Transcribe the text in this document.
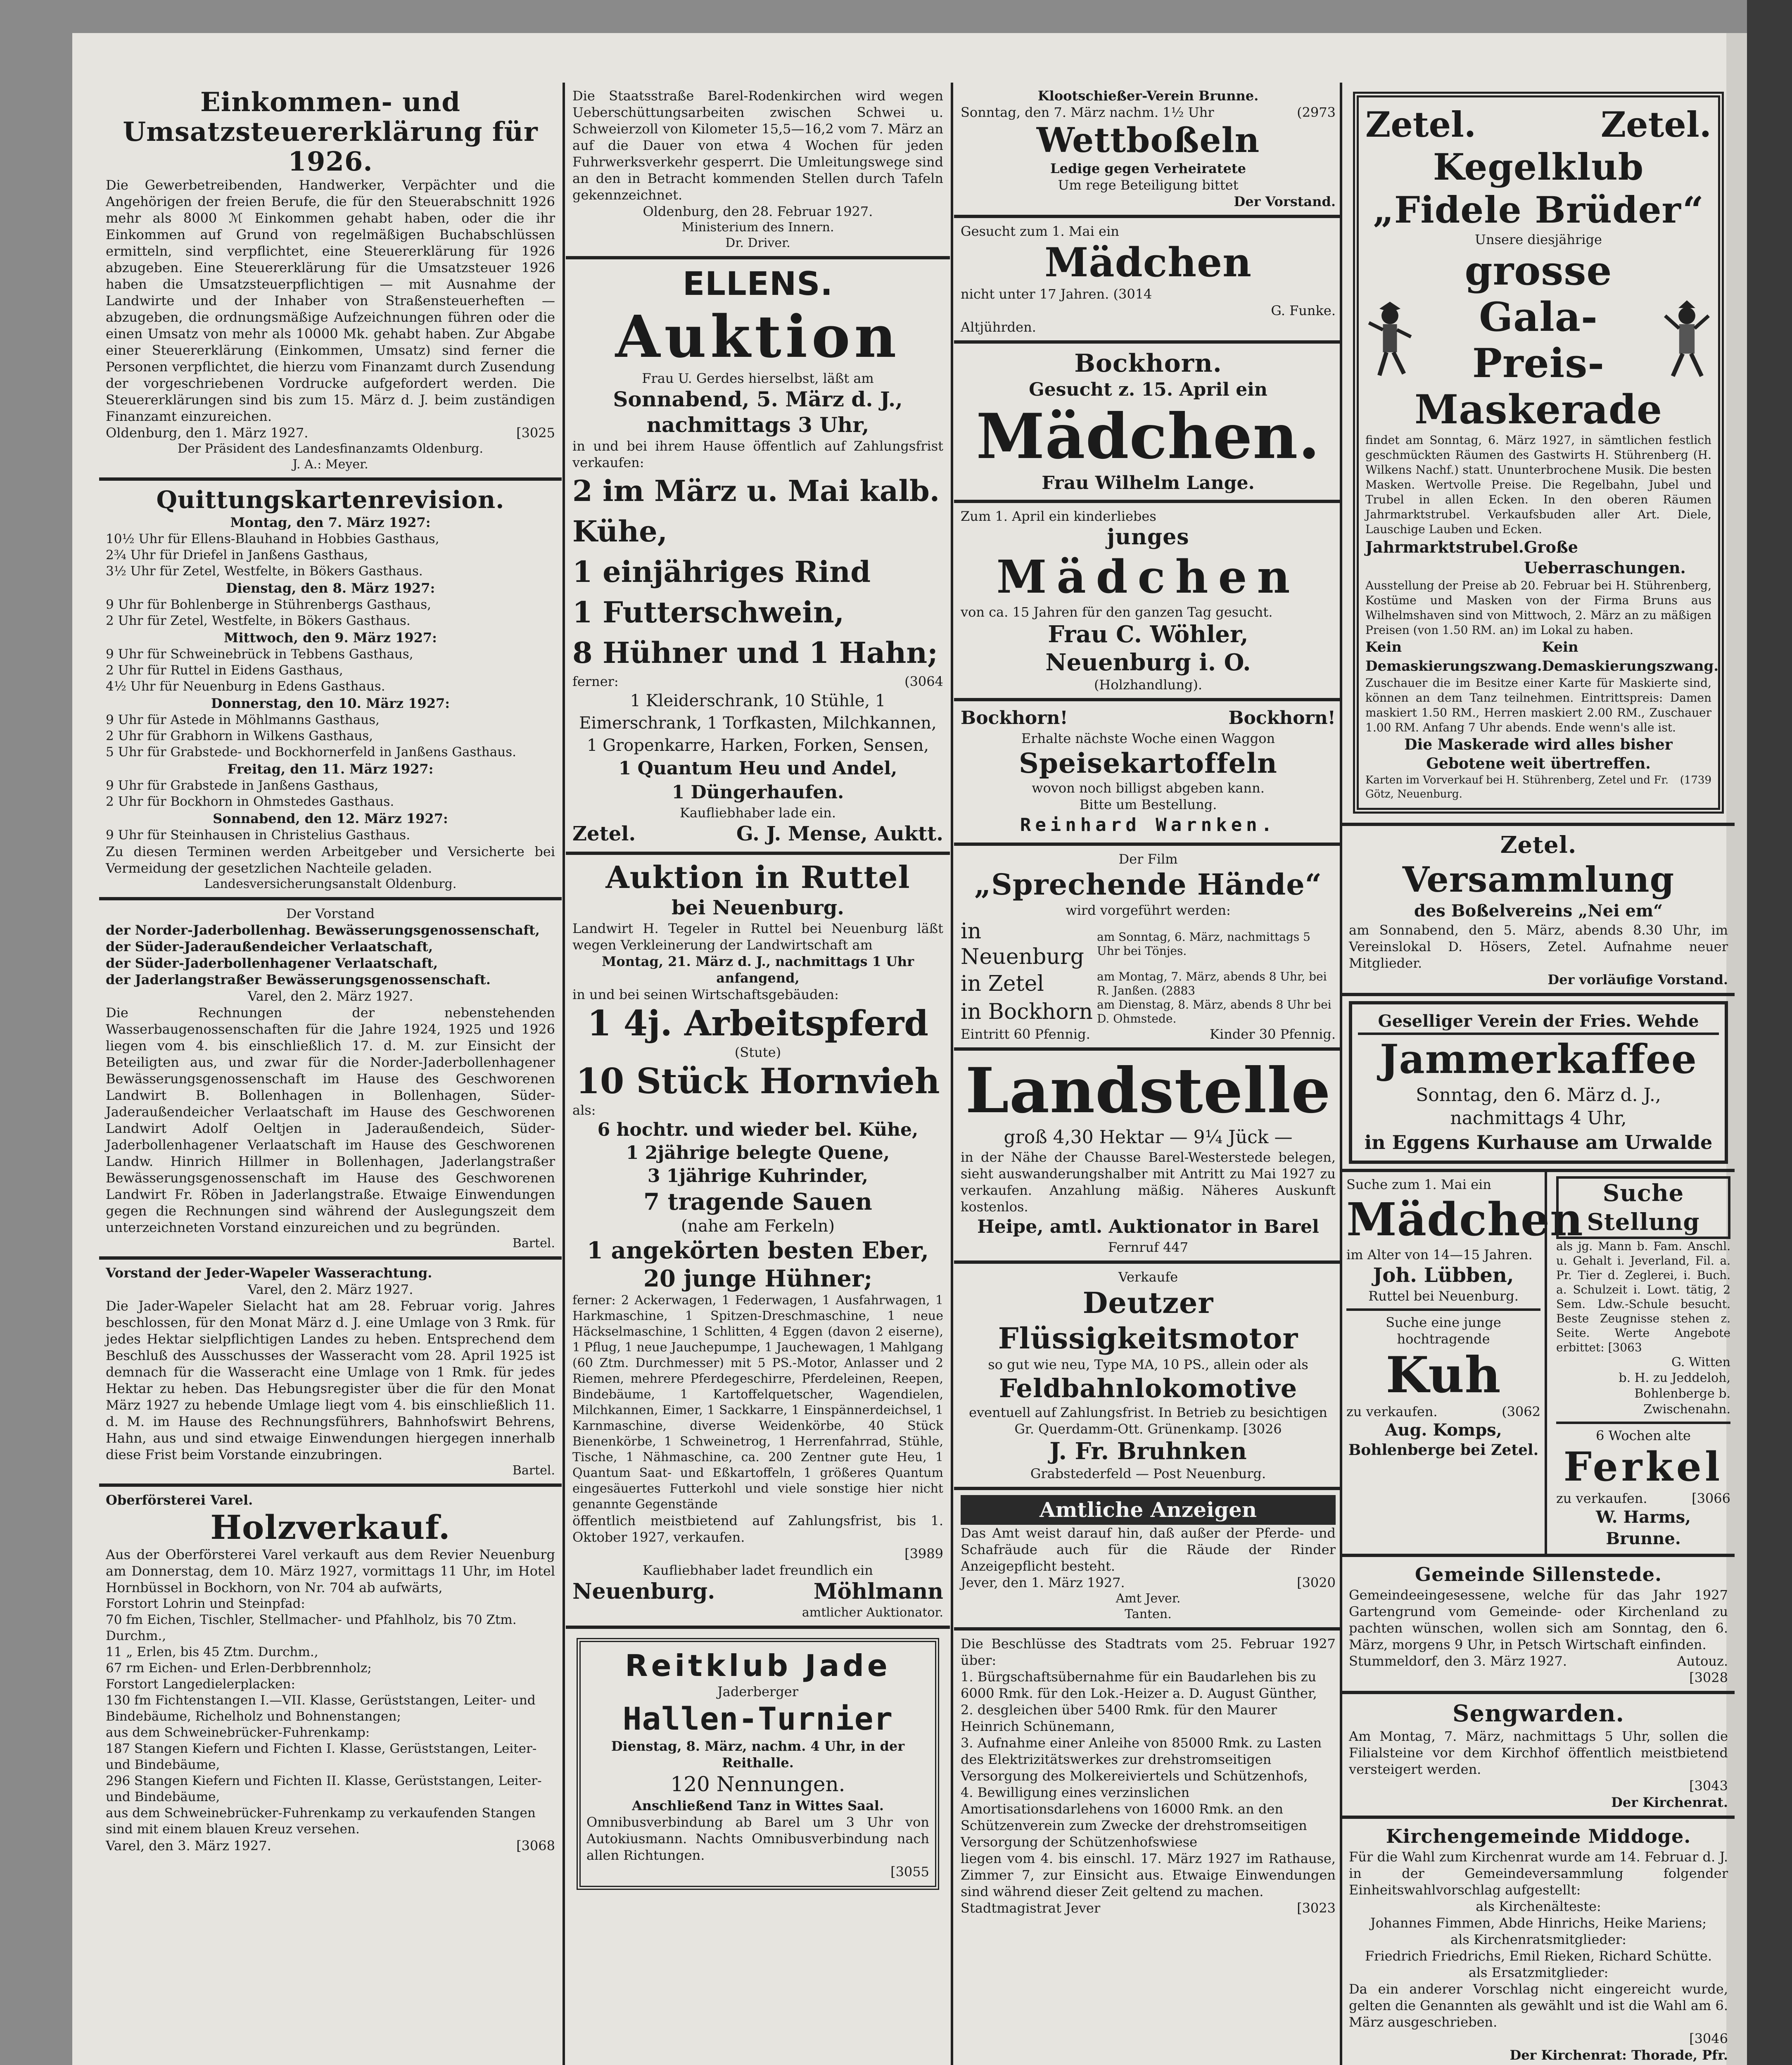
Einkommen- und Umsatzsteuererklärung für 1926.
Die Gewerbetreibenden, Handwerker, Verpächter und die Angehörigen der freien Berufe, die für den Steuerabschnitt 1926 mehr als 8000 ℳ Einkommen gehabt haben, oder die ihr Einkommen auf Grund von regelmäßigen Buchabschlüssen ermitteln, sind verpflichtet, eine Steuererklärung für 1926 abzugeben. Eine Steuererklärung für die Umsatzsteuer 1926 haben die Umsatzsteuerpflichtigen — mit Ausnahme der Landwirte und der Inhaber von Straßensteuerheften — abzugeben, die ordnungsmäßige Aufzeichnungen führen oder die einen Umsatz von mehr als 10000 Mk. gehabt haben. Zur Abgabe einer Steuererklärung (Einkommen, Umsatz) sind ferner die Personen verpflichtet, die hierzu vom Finanzamt durch Zusendung der vorgeschriebenen Vordrucke aufgefordert werden. Die Steuererklärungen sind bis zum 15. März d. J. beim zuständigen Finanzamt einzureichen.
Oldenburg, den 1. März 1927.	[3025
Der Präsident des Landesfinanzamts Oldenburg.
J. A.: Meyer.
Quittungskartenrevision.
Montag, den 7. März 1927:
10½ Uhr für Ellens-Blauhand in Hobbies Gasthaus,
2¾ Uhr für Driefel in Janßens Gasthaus,
3½ Uhr für Zetel, Westfelte, in Bökers Gasthaus.
Dienstag, den 8. März 1927:
9 Uhr für Bohlenberge in Stührenbergs Gasthaus,
2 Uhr für Zetel, Westfelte, in Bökers Gasthaus.
Mittwoch, den 9. März 1927:
9 Uhr für Schweinebrück in Tebbens Gasthaus,
2 Uhr für Ruttel in Eidens Gasthaus,
4½ Uhr für Neuenburg in Edens Gasthaus.
Donnerstag, den 10. März 1927:
9 Uhr für Astede in Möhlmanns Gasthaus,
2 Uhr für Grabhorn in Wilkens Gasthaus,
5 Uhr für Grabstede- und Bockhornerfeld in Janßens Gasthaus.
Freitag, den 11. März 1927:
9 Uhr für Grabstede in Janßens Gasthaus,
2 Uhr für Bockhorn in Ohmstedes Gasthaus.
Sonnabend, den 12. März 1927:
9 Uhr für Steinhausen in Christelius Gasthaus.
Zu diesen Terminen werden Arbeitgeber und Versicherte bei Vermeidung der gesetzlichen Nachteile geladen.
Landesversicherungsanstalt Oldenburg.
Der Vorstand
der Norder-Jaderbollenhag. Bewässerungsgenossenschaft,
der Süder-Jaderaußendeicher Verlaatschaft,
der Süder-Jaderbollenhagener Verlaatschaft,
der Jaderlangstraßer Bewässerungsgenossenschaft.
Varel, den 2. März 1927.
Die Rechnungen der nebenstehenden Wasserbaugenossenschaften für die Jahre 1924, 1925 und 1926 liegen vom 4. bis einschließlich 17. d. M. zur Einsicht der Beteiligten aus, und zwar für die Norder-Jaderbollenhagener Bewässerungsgenossenschaft im Hause des Geschworenen Landwirt B. Bollenhagen in Bollenhagen, Süder-Jaderaußendeicher Verlaatschaft im Hause des Geschworenen Landwirt Adolf Oeltjen in Jaderaußendeich, Süder-Jaderbollenhagener Verlaatschaft im Hause des Geschworenen Landw. Hinrich Hillmer in Bollenhagen, Jaderlangstraßer Bewässerungsgenossenschaft im Hause des Geschworenen Landwirt Fr. Röben in Jaderlangstraße. Etwaige Einwendungen gegen die Rechnungen sind während der Auslegungszeit dem unterzeichneten Vorstand einzureichen und zu begründen.
Bartel.
Vorstand der Jeder-Wapeler Wasserachtung.
Varel, den 2. März 1927.
Die Jader-Wapeler Sielacht hat am 28. Februar vorig. Jahres beschlossen, für den Monat März d. J. eine Umlage von 3 Rmk. für jedes Hektar sielpflichtigen Landes zu heben. Entsprechend dem Beschluß des Ausschusses der Wasseracht vom 28. April 1925 ist demnach für die Wasseracht eine Umlage von 1 Rmk. für jedes Hektar zu heben. Das Hebungsregister über die für den Monat März 1927 zu hebende Umlage liegt vom 4. bis einschließlich 11. d. M. im Hause des Rechnungsführers, Bahnhofswirt Behrens, Hahn, aus und sind etwaige Einwendungen hiergegen innerhalb diese Frist beim Vorstande einzubringen.
Bartel.
Oberförsterei Varel.
Holzverkauf.
Aus der Oberförsterei Varel verkauft aus dem Revier Neuenburg am Donnerstag, dem 10. März 1927, vormittags 11 Uhr, im Hotel Hornbüssel in Bockhorn, von Nr. 704 ab aufwärts,
Forstort Lohrin und Steinpfad:
70 fm Eichen, Tischler, Stellmacher- und Pfahlholz, bis 70 Ztm. Durchm.,
11 „ Erlen, bis 45 Ztm. Durchm.,
67 rm Eichen- und Erlen-Derbbrennholz;
Forstort Langedielerplacken:
130 fm Fichtenstangen I.—VII. Klasse, Gerüststangen, Leiter- und Bindebäume, Richelholz und Bohnenstangen;
aus dem Schweinebrücker-Fuhrenkamp:
187 Stangen Kiefern und Fichten I. Klasse, Gerüststangen, Leiter- und Bindebäume,
296 Stangen Kiefern und Fichten II. Klasse, Gerüststangen, Leiter- und Bindebäume,
aus dem Schweinebrücker-Fuhrenkamp zu verkaufenden Stangen sind mit einem blauen Kreuz versehen.
Varel, den 3. März 1927.	[3068
Die Staatsstraße Barel-Rodenkirchen wird wegen Ueberschüttungsarbeiten zwischen Schwei u. Schweierzoll von Kilometer 15,5—16,2 vom 7. März an auf die Dauer von etwa 4 Wochen für jeden Fuhrwerksverkehr gesperrt. Die Umleitungswege sind an den in Betracht kommenden Stellen durch Tafeln gekennzeichnet.
Oldenburg, den 28. Februar 1927.
Ministerium des Innern.
Dr. Driver.
ELLENS.
Auktion
Frau U. Gerdes hierselbst, läßt am
Sonnabend, 5. März d. J.,
nachmittags 3 Uhr,
in und bei ihrem Hause öffentlich auf Zahlungsfrist verkaufen:
2 im März u. Mai kalb. Kühe,
1 einjähriges Rind
1 Futterschwein,
8 Hühner und 1 Hahn;
ferner:	(3064
1 Kleiderschrank, 10 Stühle, 1 Eimerschrank, 1 Torfkasten, Milchkannen, 1 Gropenkarre, Harken, Forken, Sensen,
1 Quantum Heu und Andel,
1 Düngerhaufen.
Kaufliebhaber lade ein.
Zetel.	G. J. Mense, Auktt.
Auktion in Ruttel
bei Neuenburg.
Landwirt H. Tegeler in Ruttel bei Neuenburg läßt wegen Verkleinerung der Landwirtschaft am
Montag, 21. März d. J., nachmittags 1 Uhr anfangend,
in und bei seinen Wirtschaftsgebäuden:
1 4j. Arbeitspferd
(Stute)
10 Stück Hornvieh
als:
6 hochtr. und wieder bel. Kühe,
1 2jährige belegte Quene,
3 1jährige Kuhrinder,
7 tragende Sauen
(nahe am Ferkeln)
1 angekörten besten Eber,
20 junge Hühner;
ferner: 2 Ackerwagen, 1 Federwagen, 1 Ausfahrwagen, 1 Harkmaschine, 1 Spitzen-Dreschmaschine, 1 neue Häckselmaschine, 1 Schlitten, 4 Eggen (davon 2 eiserne), 1 Pflug, 1 neue Jauchepumpe, 1 Jauchewagen, 1 Mahlgang (60 Ztm. Durchmesser) mit 5 PS.-Motor, Anlasser und 2 Riemen, mehrere Pferdegeschirre, Pferdeleinen, Reepen, Bindebäume, 1 Kartoffelquetscher, Wagendielen, Milchkannen, Eimer, 1 Sackkarre, 1 Einspännerdeichsel, 1 Karnmaschine, diverse Weidenkörbe, 40 Stück Bienenkörbe, 1 Schweinetrog, 1 Herrenfahrrad, Stühle, Tische, 1 Nähmaschine, ca. 200 Zentner gute Heu, 1 Quantum Saat- und Eßkartoffeln, 1 größeres Quantum eingesäuertes Futterkohl und viele sonstige hier nicht genannte Gegenstände
öffentlich meistbietend auf Zahlungsfrist, bis 1. Oktober 1927, verkaufen.
[3989
Kaufliebhaber ladet freundlich ein
Neuenburg.	Möhlmann
amtlicher Auktionator.
Reitklub Jade
Jaderberger
Hallen-Turnier
Dienstag, 8. März, nachm. 4 Uhr, in der Reithalle.
120 Nennungen.
Anschließend Tanz in Wittes Saal.
Omnibusverbindung ab Barel um 3 Uhr von Autokiusmann. Nachts Omnibusverbindung nach allen Richtungen.
[3055
Klootschießer-Verein Brunne.
Sonntag, den 7. März nachm. 1½ Uhr	(2973
Wettboßeln
Ledige gegen Verheiratete
Um rege Beteiligung bittet
Der Vorstand.
Gesucht zum 1. Mai ein
Mädchen
nicht unter 17 Jahren. (3014
G. Funke.
Altjührden.
Bockhorn.
Gesucht z. 15. April ein
Mädchen.
Frau Wilhelm Lange.
Zum 1. April ein kinderliebes
junges
Mädchen
von ca. 15 Jahren für den ganzen Tag gesucht.
Frau C. Wöhler,
Neuenburg i. O.
(Holzhandlung).
Bockhorn!	Bockhorn!
Erhalte nächste Woche einen Waggon
Speisekartoffeln
wovon noch billigst abgeben kann.
Bitte um Bestellung.
Reinhard Warnken.
Der Film
„Sprechende Hände“
wird vorgeführt werden:
in Neuenburg
am Sonntag, 6. März, nachmittags 5 Uhr bei Tönjes.
in Zetel	am Montag, 7. März, abends 8 Uhr, bei R. Janßen. (2883
in Bockhorn am Dienstag, 8. März, abends 8 Uhr bei D. Ohmstede.
Eintritt 60 Pfennig.	Kinder 30 Pfennig.
Landstelle
groß 4,30 Hektar — 9¼ Jück —
in der Nähe der Chausse Barel-Westerstede belegen, sieht auswanderungshalber mit Antritt zu Mai 1927 zu verkaufen. Anzahlung mäßig. Näheres Auskunft kostenlos.
Heipe, amtl. Auktionator in Barel
Fernruf 447
Verkaufe
Deutzer Flüssigkeitsmotor
so gut wie neu, Type MA, 10 PS., allein oder als
Feldbahnlokomotive
eventuell auf Zahlungsfrist. In Betrieb zu besichtigen Gr. Querdamm-Ott. Grünenkamp. [3026
J. Fr. Bruhnken
Grabstederfeld — Post Neuenburg.
Amtliche Anzeigen
Das Amt weist darauf hin, daß außer der Pferde- und Schafräude auch für die Räude der Rinder Anzeigepflicht besteht.
Jever, den 1. März 1927.	[3020
Amt Jever.
Tanten.
Die Beschlüsse des Stadtrats vom 25. Februar 1927 über:
1. Bürgschaftsübernahme für ein Baudarlehen bis zu 6000 Rmk. für den Lok.-Heizer a. D. August Günther,
2. desgleichen über 5400 Rmk. für den Maurer Heinrich Schünemann,
3. Aufnahme einer Anleihe von 85000 Rmk. zu Lasten des Elektrizitätswerkes zur drehstromseitigen Versorgung des Molkereiviertels und Schützenhofs,
4. Bewilligung eines verzinslichen Amortisationsdarlehens von 16000 Rmk. an den Schützenverein zum Zwecke der drehstromseitigen Versorgung der Schützenhofswiese
liegen vom 4. bis einschl. 17. März 1927 im Rathause, Zimmer 7, zur Einsicht aus. Etwaige Einwendungen sind während dieser Zeit geltend zu machen.
Stadtmagistrat Jever	[3023
Zetel.	Zetel.
Kegelklub „Fidele Brüder“
Unsere diesjährige
grosse Gala-
Preis-Maskerade
findet am Sonntag, 6. März 1927, in sämtlichen festlich geschmückten Räumen des Gastwirts H. Stührenberg (H. Wilkens Nachf.) statt. Ununterbrochene Musik. Die besten Masken. Wertvolle Preise. Die Regelbahn, Jubel und Trubel in allen Ecken. In den oberen Räumen Jahrmarktstrubel. Verkaufsbuden aller Art. Diele, Lauschige Lauben und Ecken.
Jahrmarktstrubel. Große Ueberraschungen.
Ausstellung der Preise ab 20. Februar bei H. Stührenberg, Kostüme und Masken von der Firma Bruns aus Wilhelmshaven sind von Mittwoch, 2. März an zu mäßigen Preisen (von 1.50 RM. an) im Lokal zu haben.
Kein Demaskierungszwang.
Kein Demaskierungszwang.
Zuschauer die im Besitze einer Karte für Maskierte sind, können an dem Tanz teilnehmen. Eintrittspreis: Damen maskiert 1.50 RM., Herren maskiert 2.00 RM., Zuschauer 1.00 RM. Anfang 7 Uhr abends. Ende wenn's alle ist.
Die Maskerade wird alles bisher Gebotene weit übertreffen.
Karten im Vorverkauf bei H. Stührenberg, Zetel und Fr. Götz, Neuenburg.
(1739
Zetel.
Versammlung
des Boßelvereins „Nei em“
am Sonnabend, den 5. März, abends 8.30 Uhr, im Vereinslokal D. Hösers, Zetel. Aufnahme neuer Mitglieder.
Der vorläufige Vorstand.
Geselliger Verein der Fries. Wehde
Jammerkaffee
Sonntag, den 6. März d. J.,
nachmittags 4 Uhr,
in Eggens Kurhause am Urwalde
Suche zum 1. Mai ein
Mädchen
im Alter von 14—15 Jahren.
Joh. Lübben,
Ruttel bei Neuenburg.
Suche eine junge hochtragende
Kuh
zu verkaufen.	(3062
Aug. Komps,
Bohlenberge bei Zetel.
Suche Stellung
als jg. Mann b. Fam. Anschl. u. Gehalt i. Jeverland, Fil. a. Pr. Tier d. Zeglerei, i. Buch. a. Schulzeit i. Lowt. tätig, 2 Sem. Ldw.-Schule besucht. Beste Zeugnisse stehen z. Seite. Werte Angebote erbittet: [3063
G. Witten
b. H. zu Jeddeloh,
Bohlenberge b. Zwischenahn.
6 Wochen alte
Ferkel
zu verkaufen.	[3066
W. Harms, Brunne.
Gemeinde Sillenstede.
Gemeindeeingesessene, welche für das Jahr 1927 Gartengrund vom Gemeinde- oder Kirchenland zu pachten wünschen, wollen sich am Sonntag, den 6. März, morgens 9 Uhr, in Petsch Wirtschaft einfinden.
Stummeldorf, den 3. März 1927.	Autouz.
[3028
Sengwarden.
Am Montag, 7. März, nachmittags 5 Uhr, sollen die Filialsteine vor dem Kirchhof öffentlich meistbietend versteigert werden.
[3043
Der Kirchenrat.
Kirchengemeinde Middoge.
Für die Wahl zum Kirchenrat wurde am 14. Februar d. J. in der Gemeindeversammlung folgender Einheitswahlvorschlag aufgestellt:
als Kirchenälteste:
Johannes Fimmen, Abde Hinrichs, Heike Mariens;
als Kirchenratsmitglieder:
Friedrich Friedrichs, Emil Rieken, Richard Schütte.
als Ersatzmitglieder:
Da ein anderer Vorschlag nicht eingereicht wurde, gelten die Genannten als gewählt und ist die Wahl am 6. März ausgeschrieben.
[3046
Der Kirchenrat: Thorade, Pfr.
